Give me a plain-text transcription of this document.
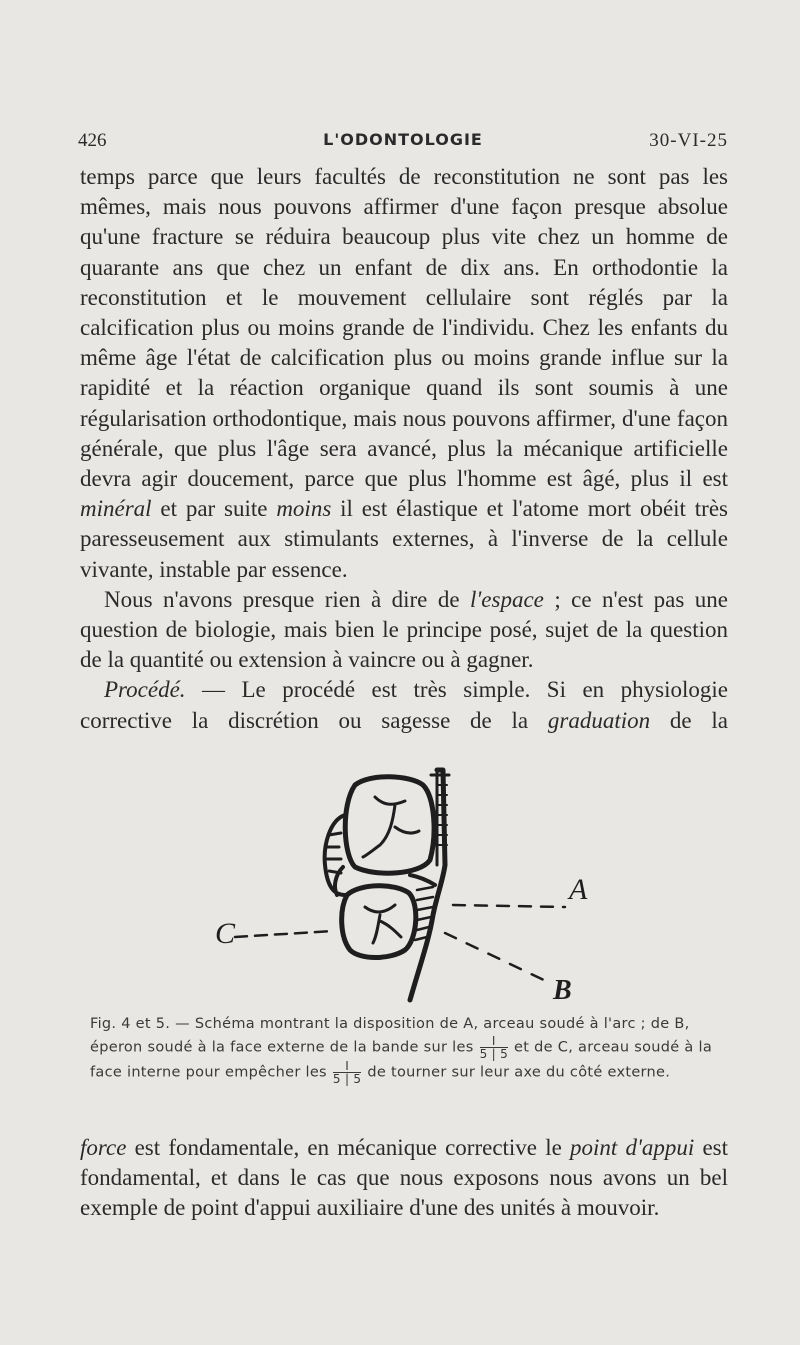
426	L'ODONTOLOGIE	30-VI-25

temps parce que leurs facultés de reconstitution ne sont pas les mêmes, mais nous pouvons affirmer d'une façon presque absolue qu'une fracture se réduira beaucoup plus vite chez un homme de quarante ans que chez un enfant de dix ans. En orthodontie la reconstitution et le mouvement cellulaire sont réglés par la calcification plus ou moins grande de l'individu. Chez les enfants du même âge l'état de calcification plus ou moins grande influe sur la rapidité et la réaction organique quand ils sont soumis à une régularisation orthodontique, mais nous pouvons affirmer, d'une façon générale, que plus l'âge sera avancé, plus la mécanique artificielle devra agir doucement, parce que plus l'homme est âgé, plus il est minéral et par suite moins il est élastique et l'atome mort obéit très paresseusement aux stimulants externes, à l'inverse de la cellule vivante, instable par essence.

Nous n'avons presque rien à dire de l'espace ; ce n'est pas une question de biologie, mais bien le principe posé, sujet de la question de la quantité ou extension à vaincre ou à gagner.

Procédé. — Le procédé est très simple. Si en physiologie corrective la discrétion ou sagesse de la graduation de la

A
B
C

Fig. 4 et 5. — Schéma montrant la disposition de A, arceau soudé à l'arc ; de B, éperon soudé à la face externe de la bande sur les $\frac{I}{5 | 5}$ et de C, arceau soudé à la face interne pour empêcher les $\frac{I}{5 | 5}$ de tourner sur leur axe du côté externe.

force est fondamentale, en mécanique corrective le point d'appui est fondamental, et dans le cas que nous exposons nous avons un bel exemple de point d'appui auxiliaire d'une des unités à mouvoir.
